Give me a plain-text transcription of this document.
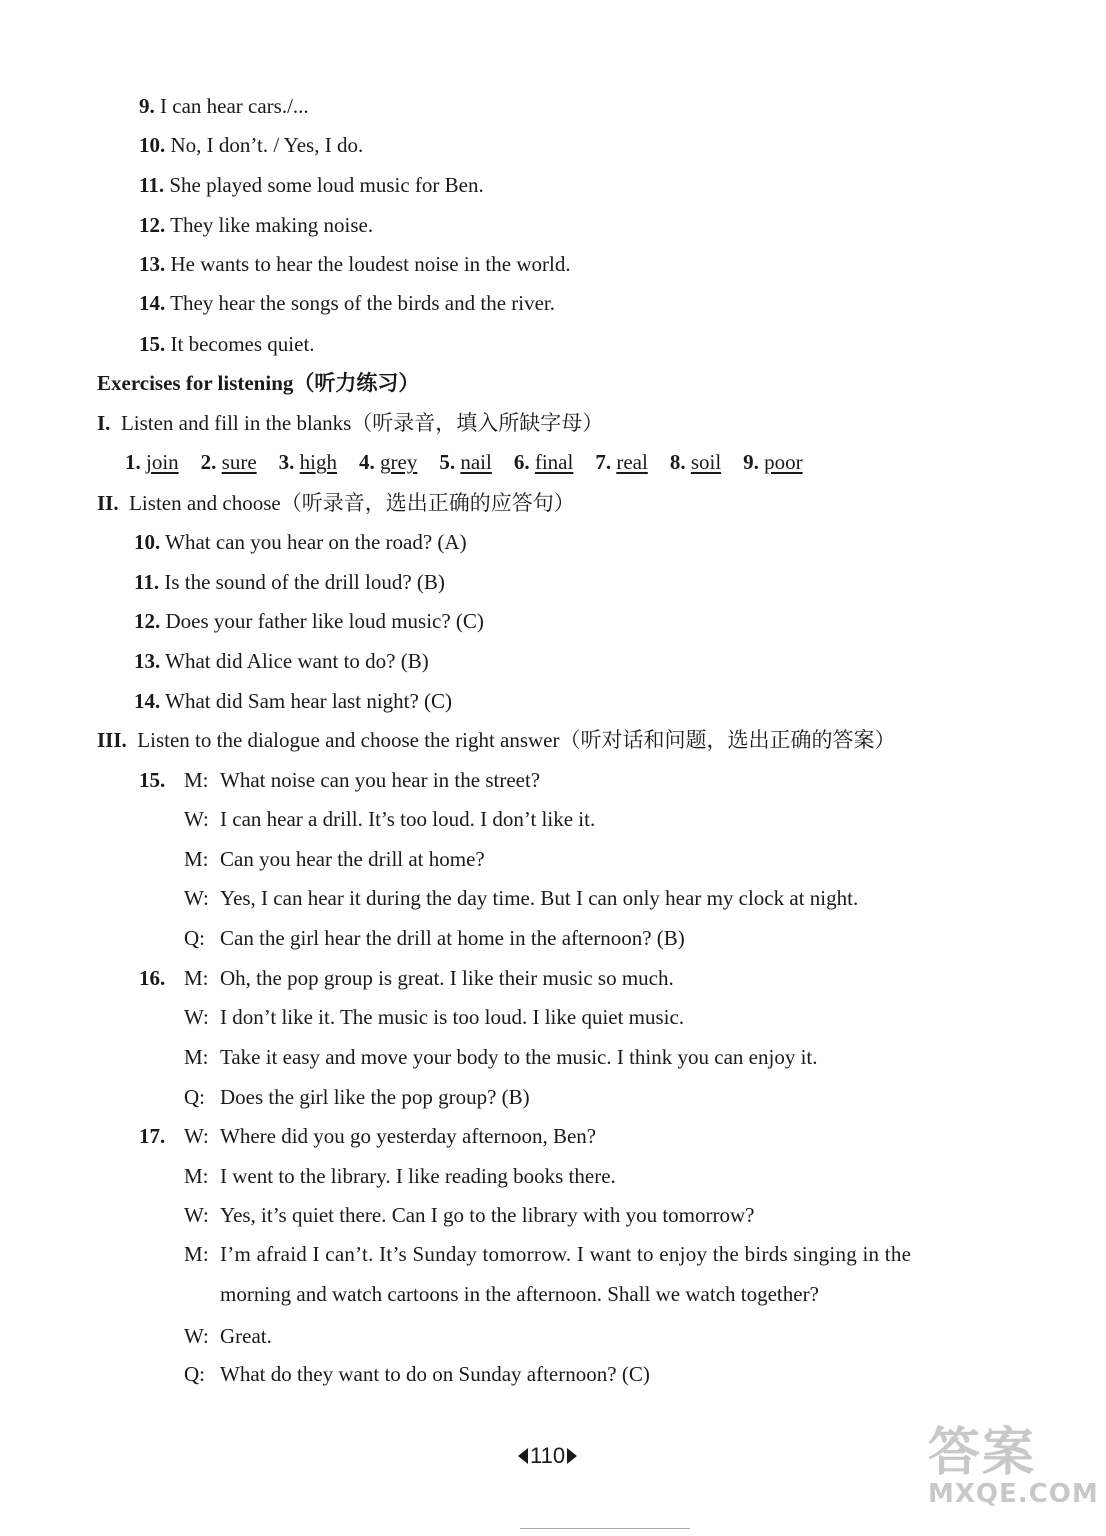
9. I can hear cars./...
10. No, I don’t. / Yes, I do.
11. She played some loud music for Ben.
12. They like making noise.
13. He wants to hear the loudest noise in the world.
14. They hear the songs of the birds and the river.
15. It becomes quiet.
Exercises for listening（听力练习）
I. Listen and fill in the blanks（听录音，填入所缺字母）
1. join 2. sure 3. high 4. grey 5. nail 6. final 7. real 8. soil 9. poor
II. Listen and choose（听录音，选出正确的应答句）
10. What can you hear on the road? (A)
11. Is the sound of the drill loud? (B)
12. Does your father like loud music? (C)
13. What did Alice want to do? (B)
14. What did Sam hear last night? (C)
III. Listen to the dialogue and choose the right answer（听对话和问题，选出正确的答案）
15. M: What noise can you hear in the street?
W: I can hear a drill. It’s too loud. I don’t like it.
M: Can you hear the drill at home?
W: Yes, I can hear it during the day time. But I can only hear my clock at night.
Q: Can the girl hear the drill at home in the afternoon? (B)
16. M: Oh, the pop group is great. I like their music so much.
W: I don’t like it. The music is too loud. I like quiet music.
M: Take it easy and move your body to the music. I think you can enjoy it.
Q: Does the girl like the pop group? (B)
17. W: Where did you go yesterday afternoon, Ben?
M: I went to the library. I like reading books there.
W: Yes, it’s quiet there. Can I go to the library with you tomorrow?
M: I’m afraid I can’t. It’s Sunday tomorrow. I want to enjoy the birds singing in the
morning and watch cartoons in the afternoon. Shall we watch together?
W: Great.
Q: What do they want to do on Sunday afternoon? (C)
110	答案
MXQE.COM
